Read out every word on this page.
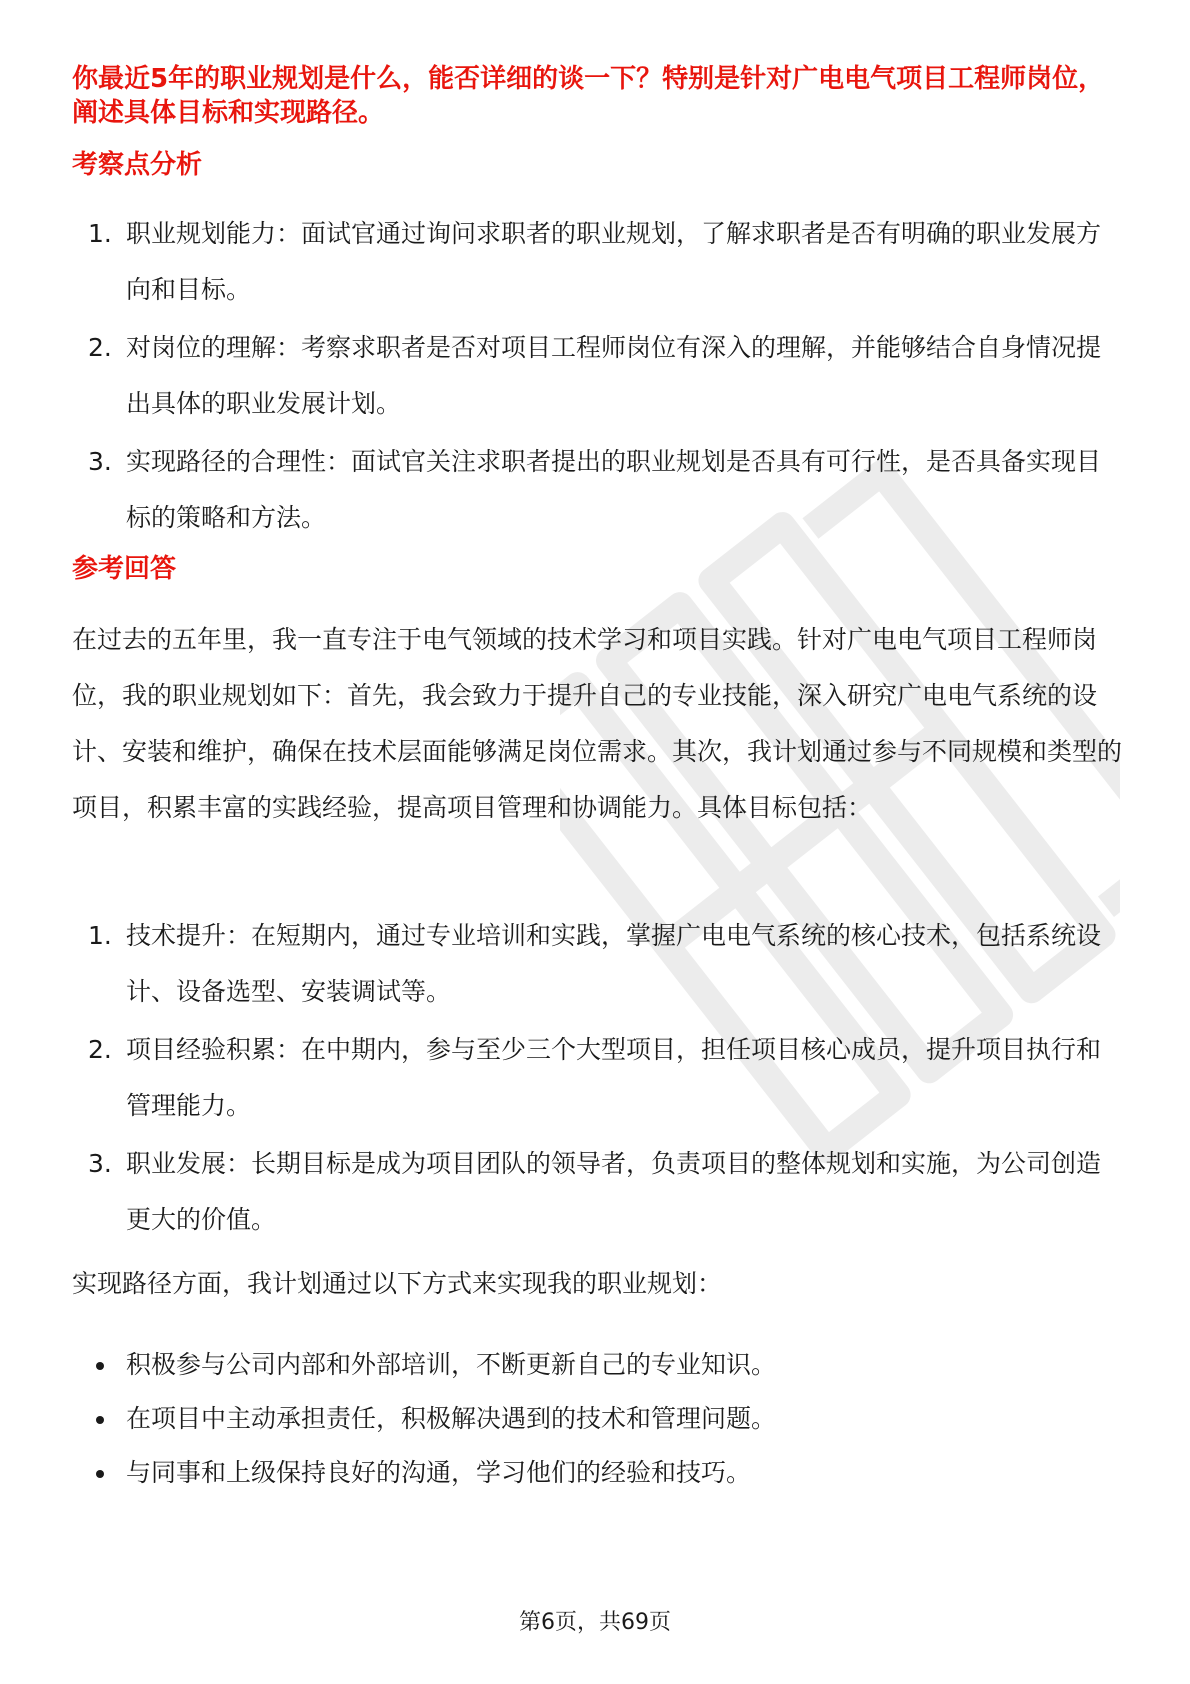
你最近5年的职业规划是什么，能否详细的谈一下？特别是针对广电电气项目工程师岗位，阐述具体目标和实现路径。

考察点分析
1. 职业规划能力：面试官通过询问求职者的职业规划，了解求职者是否有明确的职业发展方向和目标。
2. 对岗位的理解：考察求职者是否对项目工程师岗位有深入的理解，并能够结合自身情况提出具体的职业发展计划。
3. 实现路径的合理性：面试官关注求职者提出的职业规划是否具有可行性，是否具备实现目标的策略和方法。
参考回答

在过去的五年里，我一直专注于电气领域的技术学习和项目实践。针对广电电气项目工程师岗位，我的职业规划如下：首先，我会致力于提升自己的专业技能，深入研究广电电气系统的设计、安装和维护，确保在技术层面能够满足岗位需求。其次，我计划通过参与不同规模和类型的项目，积累丰富的实践经验，提高项目管理和协调能力。具体目标包括：

1. 技术提升：在短期内，通过专业培训和实践，掌握广电电气系统的核心技术，包括系统设计、设备选型、安装调试等。
2. 项目经验积累：在中期内，参与至少三个大型项目，担任项目核心成员，提升项目执行和管理能力。
3. 职业发展：长期目标是成为项目团队的领导者，负责项目的整体规划和实施，为公司创造更大的价值。

实现路径方面，我计划通过以下方式来实现我的职业规划：

积极参与公司内部和外部培训，不断更新自己的专业知识。
在项目中主动承担责任，积极解决遇到的技术和管理问题。
与同事和上级保持良好的沟通，学习他们的经验和技巧。
第6页，共69页
